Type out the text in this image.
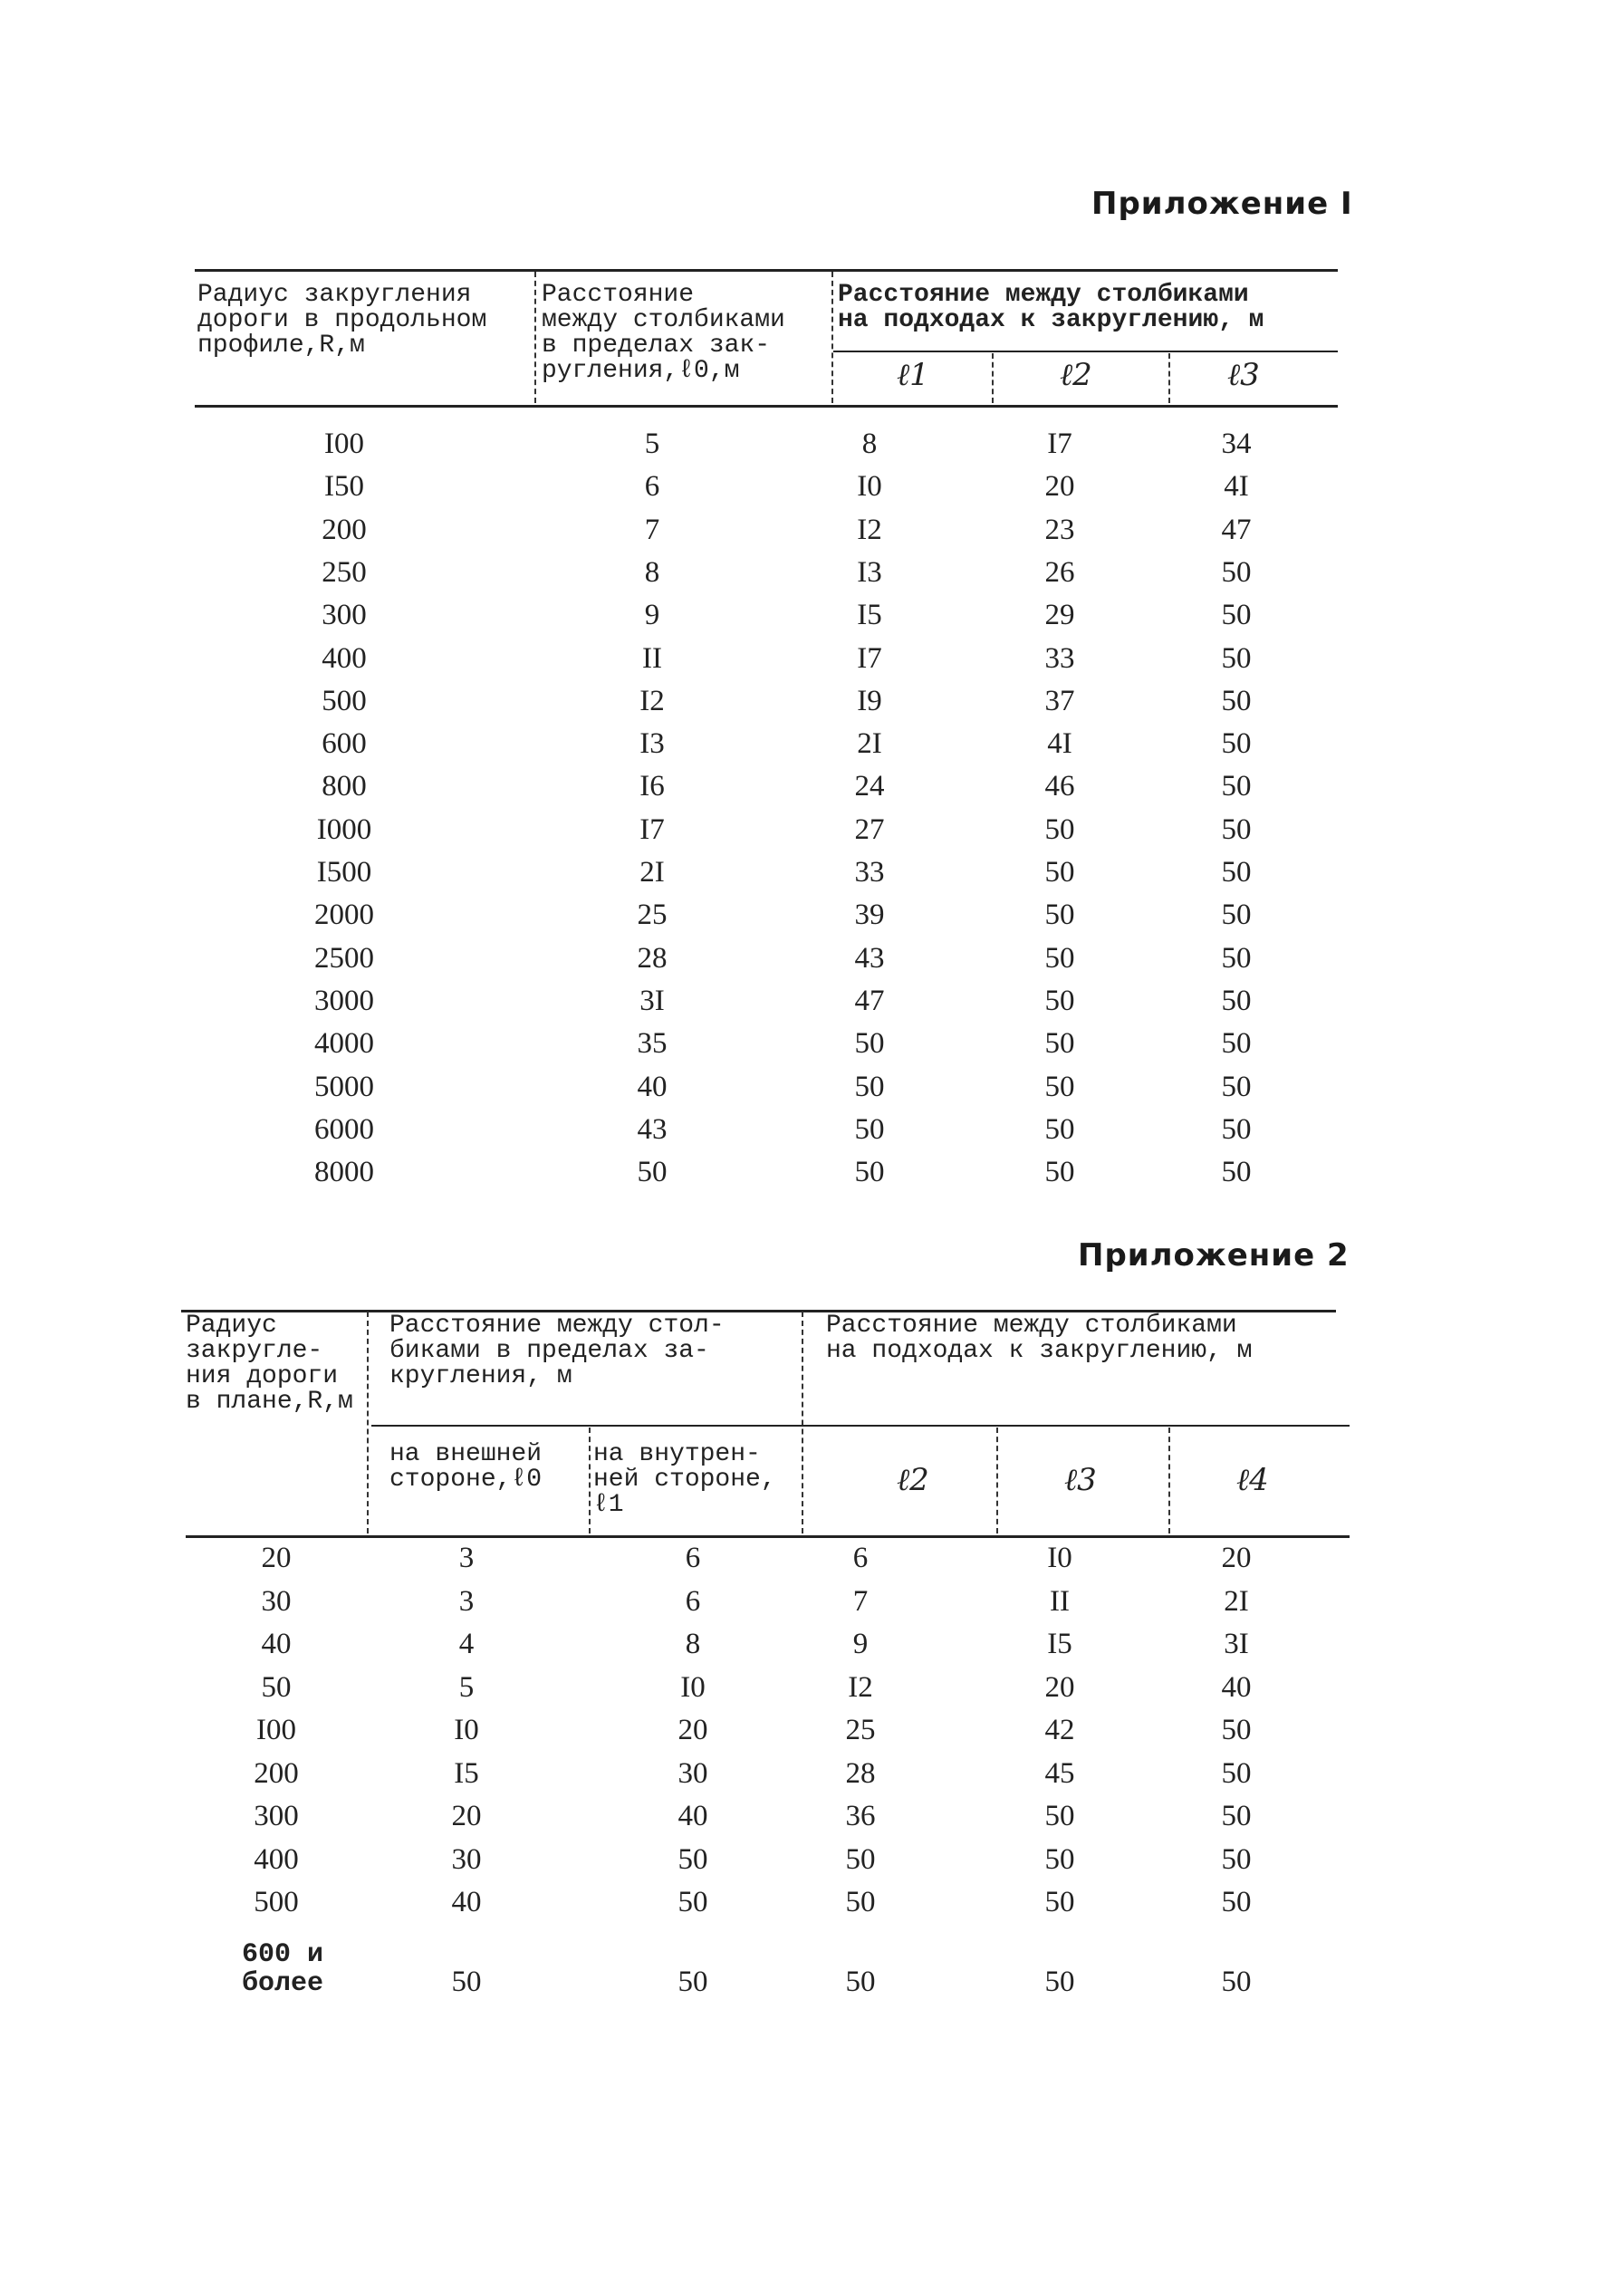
Приложение I
Радиус закругления
дороги в продольном
профиле,R,м
Расстояние
между столбиками
в пределах зак-
ругления,ℓ0,м
Расстояние между столбиками
на подходах к закруглению, м
ℓ1	ℓ2	ℓ3
I00	5	8	I7	34
I50	6	I0	20	4I
200	7	I2	23	47
250	8	I3	26	50
300	9	I5	29	50
400	II	I7	33	50
500	I2	I9	37	50
600	I3	2I	4I	50
800	I6	24	46	50
I000	I7	27	50	50
I500	2I	33	50	50
2000	25	39	50	50
2500	28	43	50	50
3000	3I	47	50	50
4000	35	50	50	50
5000	40	50	50	50
6000	43	50	50	50
8000	50	50	50	50
Приложение 2
Радиус
закругле-
ния дороги
в плане,R,м
Расстояние между стол-
биками в пределах за-
кругления, м
Расстояние между столбиками
на подходах к закруглению, м
на внешней
стороне,ℓ0
на внутрен-
ней стороне,
ℓ1
ℓ2	ℓ3	ℓ4
20	3	6	6	I0	20
30	3	6	7	II	2I
40	4	8	9	I5	3I
50	5	I0	I2	20	40
I00	I0	20	25	42	50
200	I5	30	28	45	50
300	20	40	36	50	50
400	30	50	50	50	50
500	40	50	50	50	50
600 и
более	50	50	50	50	50
